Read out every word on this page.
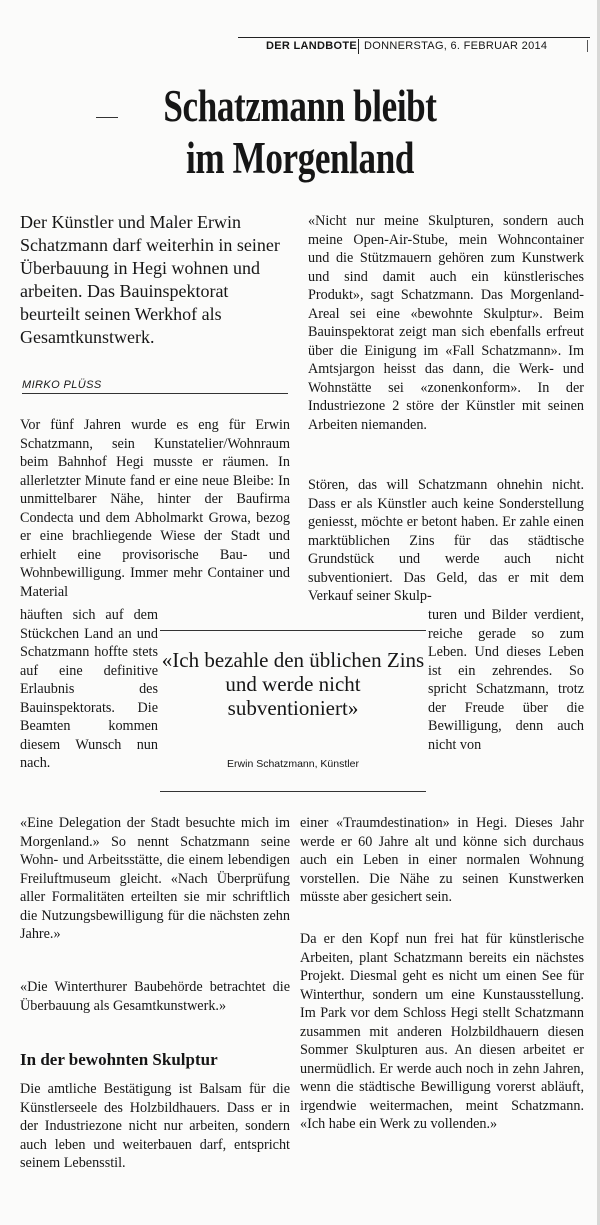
DER LANDBOTE DONNERSTAG, 6. FEBRUAR 2014
Schatzmann bleibt
im Morgenland
Der Künstler und Maler Erwin Schatzmann darf weiterhin in seiner Überbauung in Hegi wohnen und arbeiten. Das Bauinspektorat beurteilt seinen Werkhof als Gesamtkunstwerk.
MIRKO PLÜSS

Vor fünf Jahren wurde es eng für Erwin Schatzmann, sein Kunstatelier/Wohnraum beim Bahnhof Hegi musste er räumen. In allerletzter Minute fand er eine neue Bleibe: In unmittelbarer Nähe, hinter der Baufirma Condecta und dem Abholmarkt Growa, bezog er eine brachliegende Wiese der Stadt und erhielt eine provisorische Bau- und Wohnbewilligung. Immer mehr Container und Material

häuften sich auf dem Stückchen Land an und Schatzmann hoffte stets auf eine definitive Erlaubnis des Bauinspektorats. Die Beamten kommen diesem Wunsch nun nach.

«Eine Delegation der Stadt besuchte mich im Morgenland.» So nennt Schatzmann seine Wohn- und Arbeitsstätte, die einem lebendigen Freiluftmuseum gleicht. «Nach Überprüfung aller Formalitäten erteilten sie mir schriftlich die Nutzungsbewilligung für die nächsten zehn Jahre.»

«Die Winterthurer Baubehörde betrachtet die Überbauung als Gesamtkunstwerk.»

In der bewohnten Skulptur

Die amtliche Bestätigung ist Balsam für die Künstlerseele des Holzbildhauers. Dass er in der Industriezone nicht nur arbeiten, sondern auch leben und weiterbauen darf, entspricht seinem Lebensstil.

«Nicht nur meine Skulpturen, sondern auch meine Open-Air-Stube, mein Wohncontainer und die Stützmauern gehören zum Kunstwerk und sind damit auch ein künstlerisches Produkt», sagt Schatzmann. Das Morgenland-Areal sei eine «bewohnte Skulptur». Beim Bauinspektorat zeigt man sich ebenfalls erfreut über die Einigung im «Fall Schatzmann». Im Amtsjargon heisst das dann, die Werk- und Wohnstätte sei «zonenkonform». In der Industriezone 2 störe der Künstler mit seinen Arbeiten niemanden.

Stören, das will Schatzmann ohnehin nicht. Dass er als Künstler auch keine Sonderstellung geniesst, möchte er betont haben. Er zahle einen marktüblichen Zins für das städtische Grundstück und werde auch nicht subventioniert. Das Geld, das er mit dem Verkauf seiner Skulp-

turen und Bilder verdient, reiche gerade so zum Leben. Und dieses Leben ist ein zehrendes. So spricht Schatzmann, trotz der Freude über die Bewilligung, denn auch nicht von

einer «Traumdestination» in Hegi. Dieses Jahr werde er 60 Jahre alt und könne sich durchaus auch ein Leben in einer normalen Wohnung vorstellen. Die Nähe zu seinen Kunstwerken müsste aber gesichert sein.

Da er den Kopf nun frei hat für künstlerische Arbeiten, plant Schatzmann bereits ein nächstes Projekt. Diesmal geht es nicht um einen See für Winterthur, sondern um eine Kunstausstellung. Im Park vor dem Schloss Hegi stellt Schatzmann zusammen mit anderen Holzbildhauern diesen Sommer Skulpturen aus. An diesen arbeitet er unermüdlich. Er werde auch noch in zehn Jahren, wenn die städtische Bewilligung vorerst abläuft, irgendwie weitermachen, meint Schatzmann. «Ich habe ein Werk zu vollenden.»

«Ich bezahle den üblichen Zins und werde nicht subventioniert»
Erwin Schatzmann, Künstler
